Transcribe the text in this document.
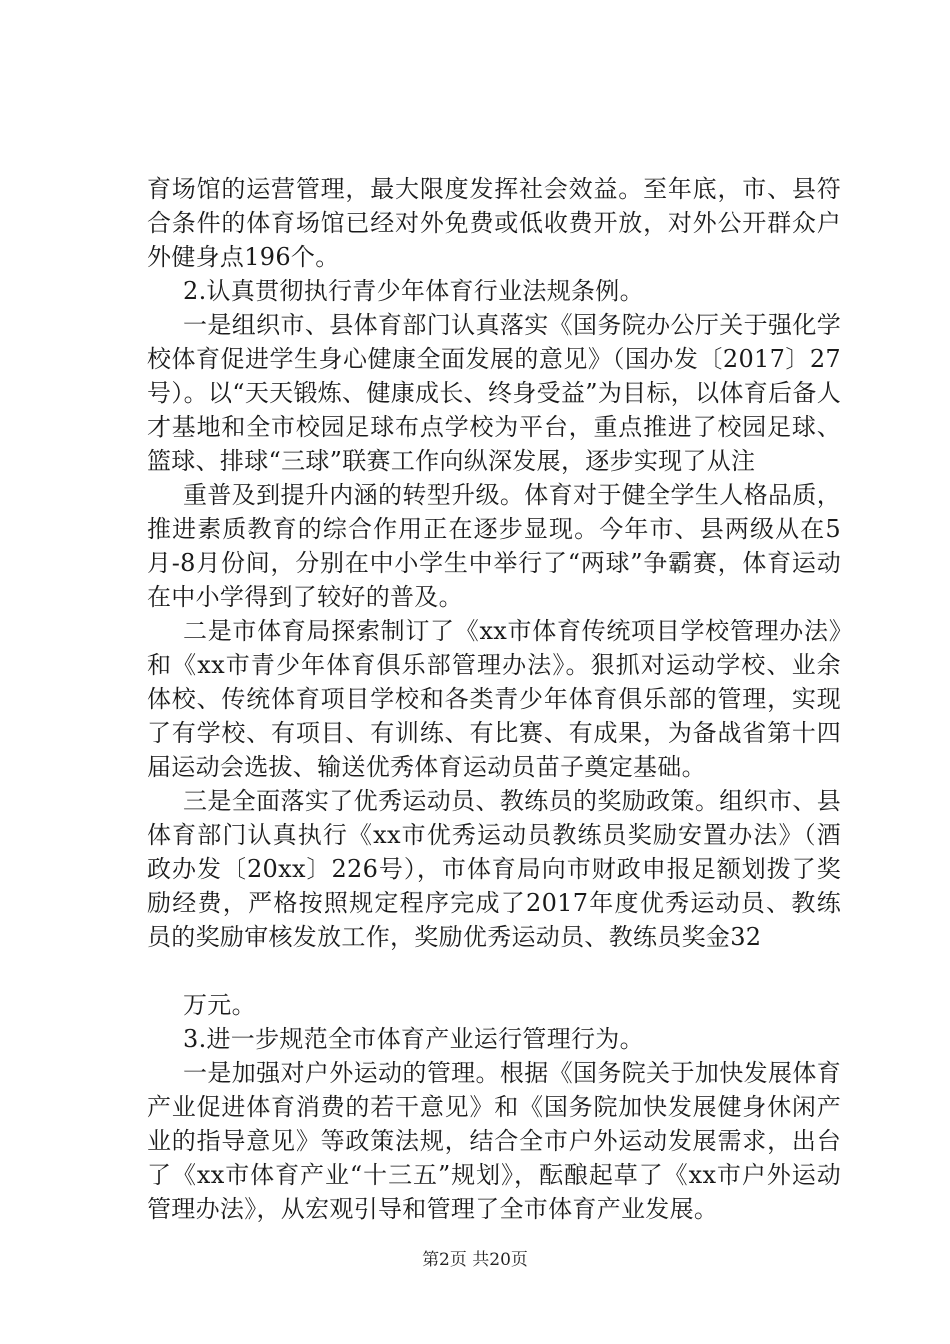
育场馆的运营管理，最大限度发挥社会效益。至年底，市、县符合条件的体育场馆已经对外免费或低收费开放，对外公开群众户外健身点196个。

2.认真贯彻执行青少年体育行业法规条例。

一是组织市、县体育部门认真落实《国务院办公厅关于强化学校体育促进学生身心健康全面发展的意见》（国办发〔2017〕27号）。以“天天锻炼、健康成长、终身受益”为目标，以体育后备人才基地和全市校园足球布点学校为平台，重点推进了校园足球、篮球、排球“三球”联赛工作向纵深发展，逐步实现了从注

重普及到提升内涵的转型升级。体育对于健全学生人格品质，推进素质教育的综合作用正在逐步显现。今年市、县两级从在5月-8月份间，分别在中小学生中举行了“两球”争霸赛，体育运动在中小学得到了较好的普及。

二是市体育局探索制订了《xx市体育传统项目学校管理办法》和《xx市青少年体育俱乐部管理办法》。狠抓对运动学校、业余体校、传统体育项目学校和各类青少年体育俱乐部的管理，实现了有学校、有项目、有训练、有比赛、有成果，为备战省第十四届运动会选拔、输送优秀体育运动员苗子奠定基础。

三是全面落实了优秀运动员、教练员的奖励政策。组织市、县体育部门认真执行《xx市优秀运动员教练员奖励安置办法》（酒政办发〔20xx〕226号），市体育局向市财政申报足额划拨了奖励经费，严格按照规定程序完成了2017年度优秀运动员、教练员的奖励审核发放工作，奖励优秀运动员、教练员奖金32

万元。

3.进一步规范全市体育产业运行管理行为。

一是加强对户外运动的管理。根据《国务院关于加快发展体育产业促进体育消费的若干意见》和《国务院加快发展健身休闲产业的指导意见》等政策法规，结合全市户外运动发展需求，出台了《xx市体育产业“十三五”规划》，酝酿起草了《xx市户外运动管理办法》，从宏观引导和管理了全市体育产业发展。

第2页 共20页
